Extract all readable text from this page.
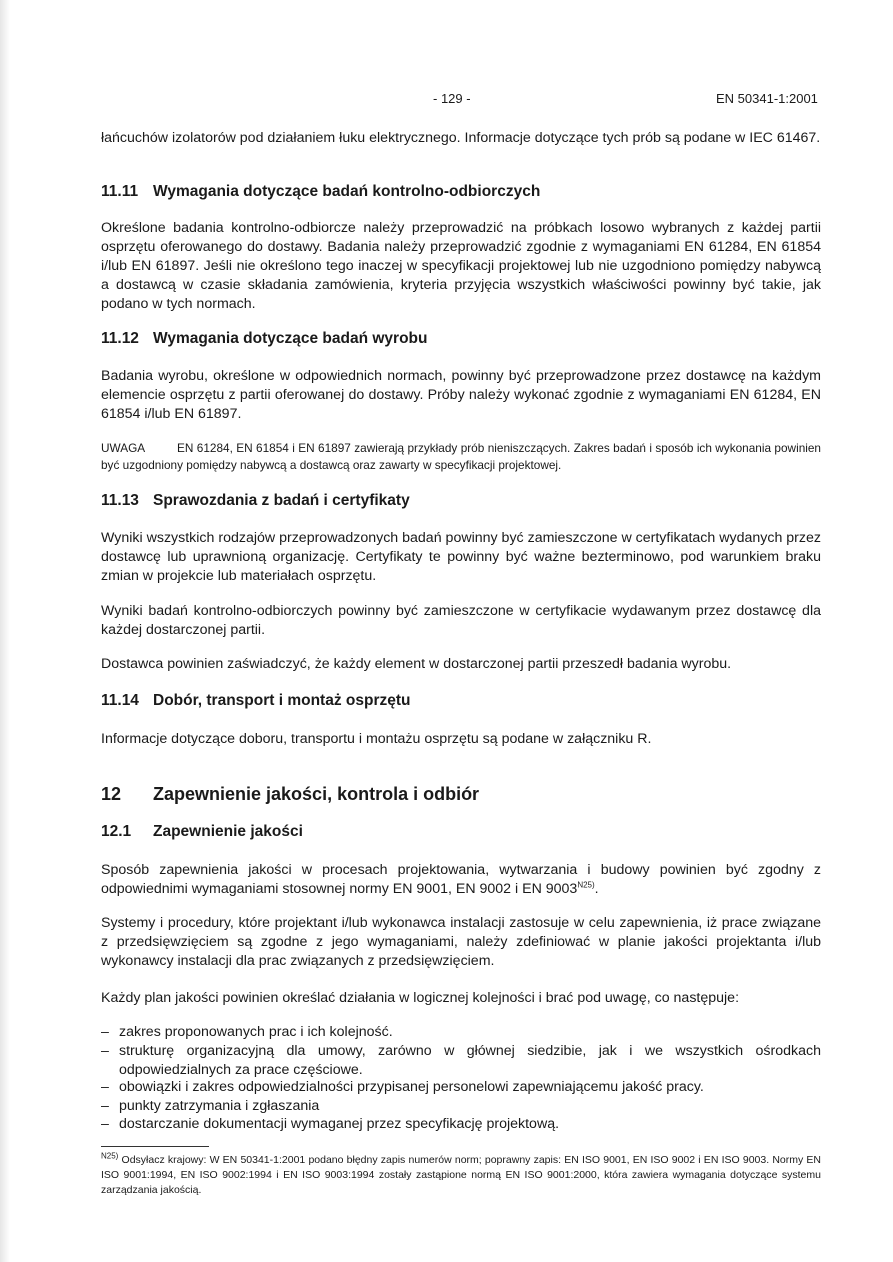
- 129 -	EN 50341-1:2001
łańcuchów izolatorów pod działaniem łuku elektrycznego. Informacje dotyczące tych prób są podane w IEC 61467.
11.11 Wymagania dotyczące badań kontrolno-odbiorczych
Określone badania kontrolno-odbiorcze należy przeprowadzić na próbkach losowo wybranych z każdej partii osprzętu oferowanego do dostawy. Badania należy przeprowadzić zgodnie z wymaganiami EN 61284, EN 61854 i/lub EN 61897. Jeśli nie określono tego inaczej w specyfikacji projektowej lub nie uzgodniono pomiędzy nabywcą a dostawcą w czasie składania zamówienia, kryteria przyjęcia wszystkich właściwości powinny być takie, jak podano w tych normach.
11.12 Wymagania dotyczące badań wyrobu
Badania wyrobu, określone w odpowiednich normach, powinny być przeprowadzone przez dostawcę na każdym elemencie osprzętu z partii oferowanej do dostawy. Próby należy wykonać zgodnie z wymaganiami EN 61284, EN 61854 i/lub EN 61897.
UWAGA	EN 61284, EN 61854 i EN 61897 zawierają przykłady prób nieniszczących. Zakres badań i sposób ich wykonania powinien być uzgodniony pomiędzy nabywcą a dostawcą oraz zawarty w specyfikacji projektowej.
11.13 Sprawozdania z badań i certyfikaty
Wyniki wszystkich rodzajów przeprowadzonych badań powinny być zamieszczone w certyfikatach wydanych przez dostawcę lub uprawnioną organizację. Certyfikaty te powinny być ważne bezterminowo, pod warunkiem braku zmian w projekcie lub materiałach osprzętu.
Wyniki badań kontrolno-odbiorczych powinny być zamieszczone w certyfikacie wydawanym przez dostawcę dla każdej dostarczonej partii.
Dostawca powinien zaświadczyć, że każdy element w dostarczonej partii przeszedł badania wyrobu.
11.14 Dobór, transport i montaż osprzętu
Informacje dotyczące doboru, transportu i montażu osprzętu są podane w załączniku R.
12 Zapewnienie jakości, kontrola i odbiór
12.1 Zapewnienie jakości
Sposób zapewnienia jakości w procesach projektowania, wytwarzania i budowy powinien być zgodny z odpowiednimi wymaganiami stosownej normy EN 9001, EN 9002 i EN $9003^{N25)}$.
Systemy i procedury, które projektant i/lub wykonawca instalacji zastosuje w celu zapewnienia, iż prace związane z przedsięwzięciem są zgodne z jego wymaganiami, należy zdefiniować w planie jakości projektanta i/lub wykonawcy instalacji dla prac związanych z przedsięwzięciem.
Każdy plan jakości powinien określać działania w logicznej kolejności i brać pod uwagę, co następuje:
– zakres proponowanych prac i ich kolejność.
– strukturę organizacyjną dla umowy, zarówno w głównej siedzibie, jak i we wszystkich ośrodkach odpowiedzialnych za prace częściowe.
– obowiązki i zakres odpowiedzialności przypisanej personelowi zapewniającemu jakość pracy.
– punkty zatrzymania i zgłaszania
– dostarczanie dokumentacji wymaganej przez specyfikację projektową.
$^{N25)}$ Odsyłacz krajowy: W EN 50341-1:2001 podano błędny zapis numerów norm; poprawny zapis: EN ISO 9001, EN ISO 9002 i EN ISO 9003. Normy EN ISO 9001:1994, EN ISO 9002:1994 i EN ISO 9003:1994 zostały zastąpione normą EN ISO 9001:2000, która zawiera wymagania dotyczące systemu zarządzania jakością.
